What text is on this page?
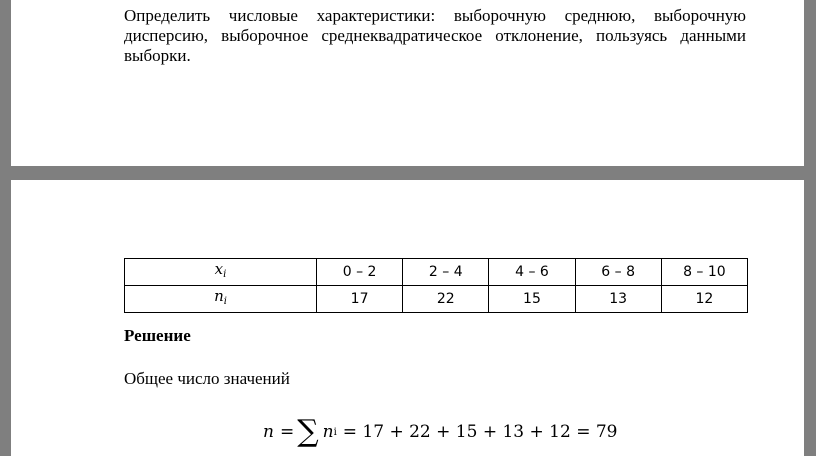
Определить числовые характеристики: выборочную среднюю, выборочную дисперсию, выборочное среднеквадратическое отклонение, пользуясь данными выборки.

$x_i$	0 – 2	2 – 4	4 – 6	6 – 8	8 – 10
$n_i$	17	22	15	13	12

Решение

Общее число значений

n = ∑ n i = 17 + 22 + 15 + 13 + 12 = 79
